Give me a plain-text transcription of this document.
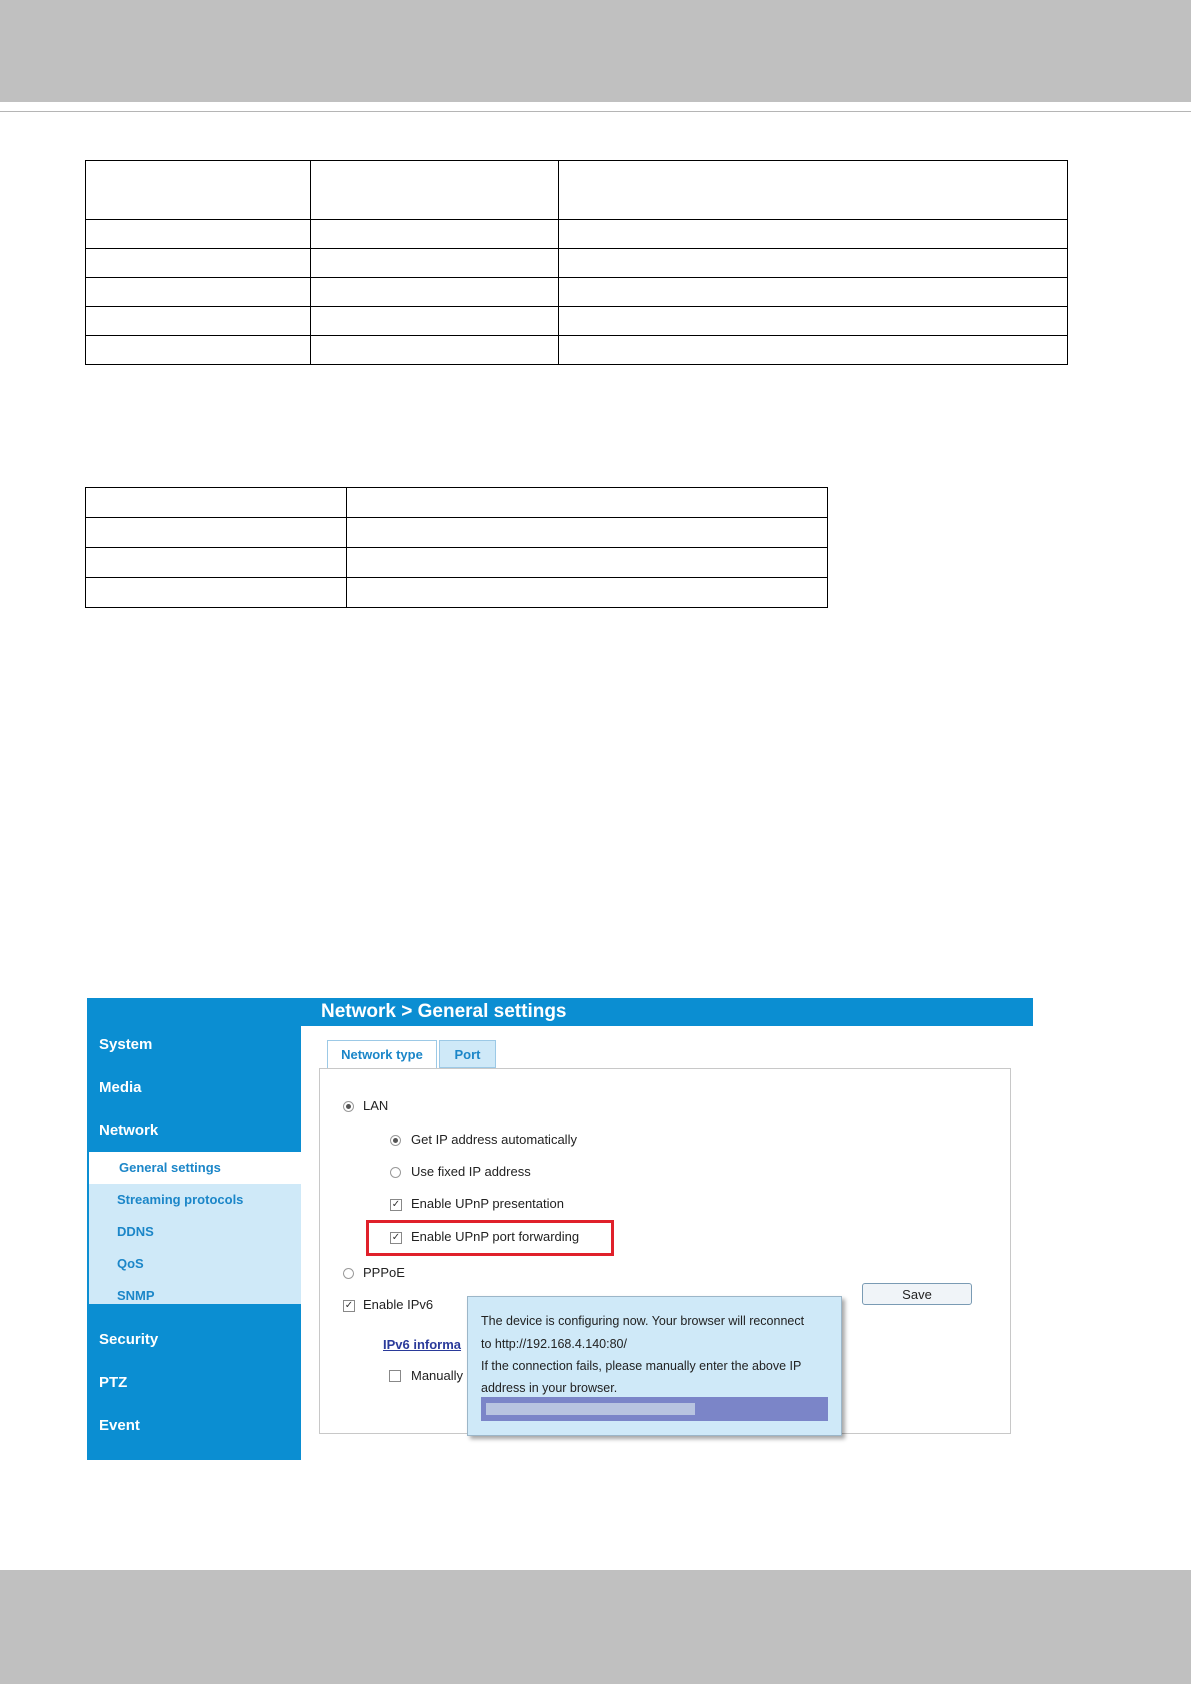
System
Media
Network
General settings
Streaming protocols
DDNS
QoS
SNMP
Security
PTZ
Event
Network > General settings
Network type	Port
LAN
Get IP address automatically
Use fixed IP address
✓ Enable UPnP presentation
✓ Enable UPnP port forwarding
PPPoE
✓ Enable IPv6
IPv6 informa
Manually
Save
The device is configuring now. Your browser will reconnect
to http://192.168.4.140:80/
If the connection fails, please manually enter the above IP
address in your browser.
